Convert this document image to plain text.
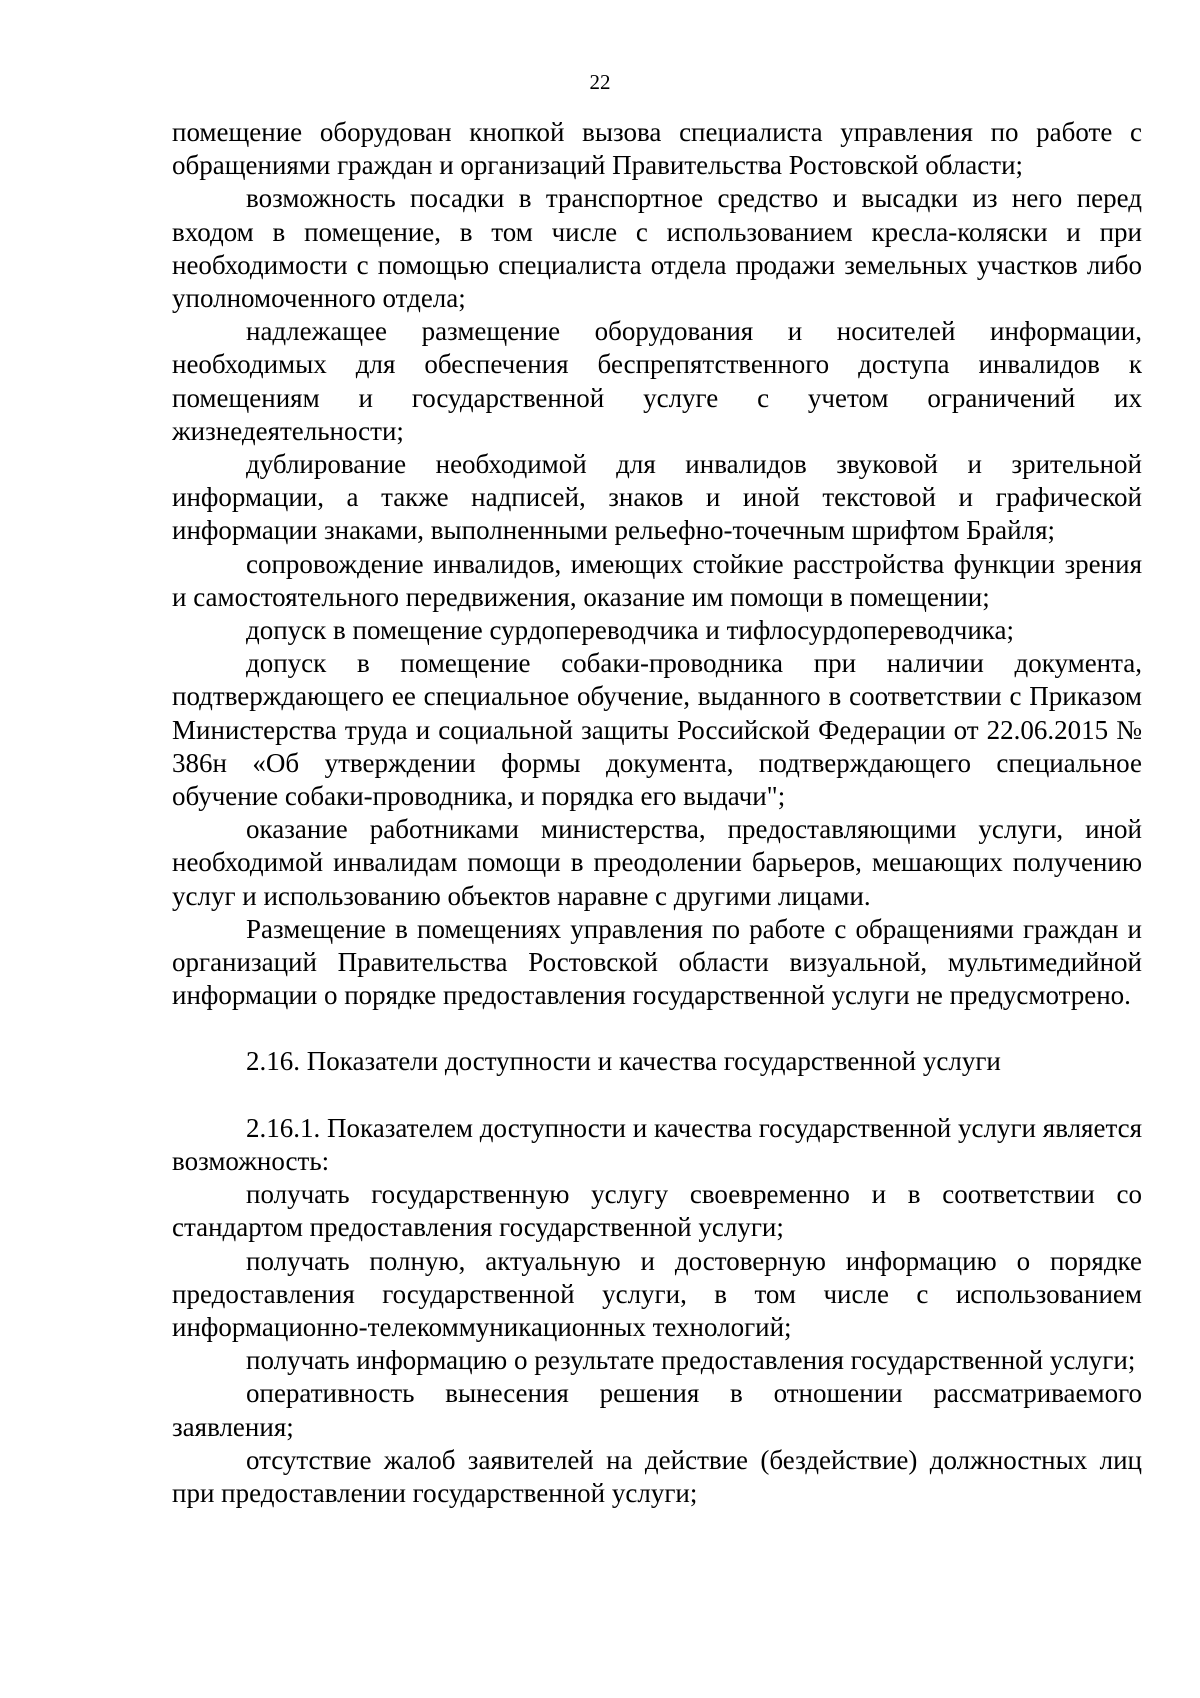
22

помещение оборудован кнопкой вызова специалиста управления по работе с обращениями граждан и организаций Правительства Ростовской области;

возможность посадки в транспортное средство и высадки из него перед входом в помещение, в том числе с использованием кресла-коляски и при необходимости с помощью специалиста отдела продажи земельных участков либо уполномоченного отдела;

надлежащее размещение оборудования и носителей информации, необходимых для обеспечения беспрепятственного доступа инвалидов к помещениям и государственной услуге с учетом ограничений их жизнедеятельности;

дублирование необходимой для инвалидов звуковой и зрительной информации, а также надписей, знаков и иной текстовой и графической информации знаками, выполненными рельефно-точечным шрифтом Брайля;

сопровождение инвалидов, имеющих стойкие расстройства функции зрения и самостоятельного передвижения, оказание им помощи в помещении;

допуск в помещение сурдопереводчика и тифлосурдопереводчика;

допуск в помещение собаки-проводника при наличии документа, подтверждающего ее специальное обучение, выданного в соответствии с Приказом Министерства труда и социальной защиты Российской Федерации от 22.06.2015 № 386н «Об утверждении формы документа, подтверждающего специальное обучение собаки-проводника, и порядка его выдачи";

оказание работниками министерства, предоставляющими услуги, иной необходимой инвалидам помощи в преодолении барьеров, мешающих получению услуг и использованию объектов наравне с другими лицами.

Размещение в помещениях управления по работе с обращениями граждан и организаций Правительства Ростовской области визуальной, мультимедийной информации о порядке предоставления государственной услуги не предусмотрено.

2.16. Показатели доступности и качества государственной услуги

2.16.1. Показателем доступности и качества государственной услуги является возможность:

получать государственную услугу своевременно и в соответствии со стандартом предоставления государственной услуги;

получать полную, актуальную и достоверную информацию о порядке предоставления государственной услуги, в том числе с использованием информационно-телекоммуникационных технологий;

получать информацию о результате предоставления государственной услуги;

оперативность вынесения решения в отношении рассматриваемого заявления;

отсутствие жалоб заявителей на действие (бездействие) должностных лиц при предоставлении государственной услуги;
